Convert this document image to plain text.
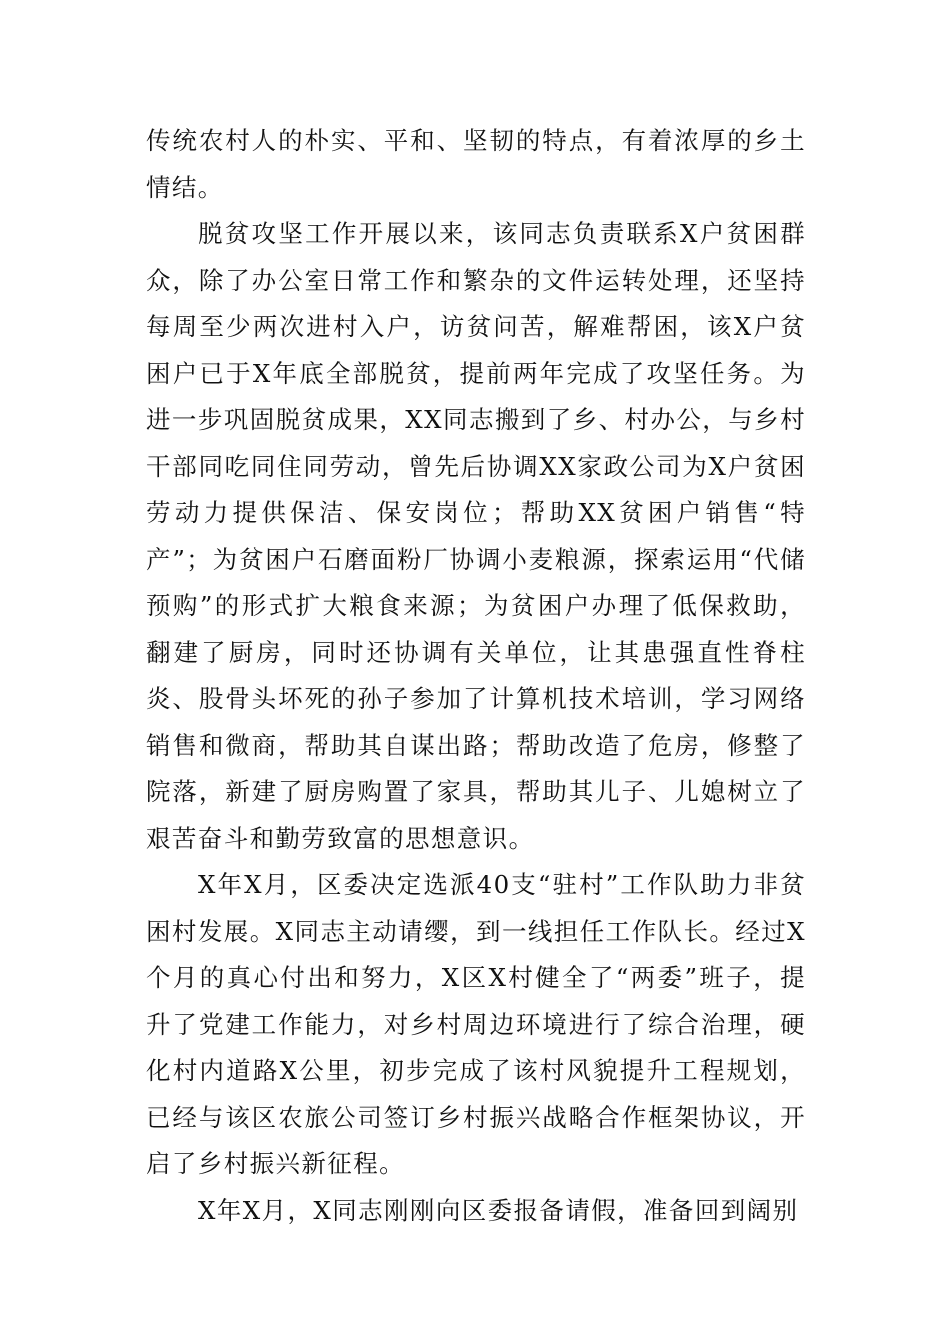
传统农村人的朴实、平和、坚韧的特点，有着浓厚的乡土情结。

脱贫攻坚工作开展以来，该同志负责联系X户贫困群众，除了办公室日常工作和繁杂的文件运转处理，还坚持每周至少两次进村入户，访贫问苦，解难帮困，该X户贫困户已于X年底全部脱贫，提前两年完成了攻坚任务。为进一步巩固脱贫成果，XX同志搬到了乡、村办公，与乡村干部同吃同住同劳动，曾先后协调XX家政公司为X户贫困劳动力提供保洁、保安岗位；帮助XX贫困户销售“特产”；为贫困户石磨面粉厂协调小麦粮源，探索运用“代储预购”的形式扩大粮食来源；为贫困户办理了低保救助，翻建了厨房，同时还协调有关单位，让其患强直性脊柱炎、股骨头坏死的孙子参加了计算机技术培训，学习网络销售和微商，帮助其自谋出路；帮助改造了危房，修整了院落，新建了厨房购置了家具，帮助其儿子、儿媳树立了艰苦奋斗和勤劳致富的思想意识。

X年X月，区委决定选派40支“驻村”工作队助力非贫困村发展。X同志主动请缨，到一线担任工作队长。经过X个月的真心付出和努力，X区X村健全了“两委”班子，提升了党建工作能力，对乡村周边环境进行了综合治理，硬化村内道路X公里，初步完成了该村风貌提升工程规划，已经与该区农旅公司签订乡村振兴战略合作框架协议，开启了乡村振兴新征程。

X年X月，X同志刚刚向区委报备请假，准备回到阔别
